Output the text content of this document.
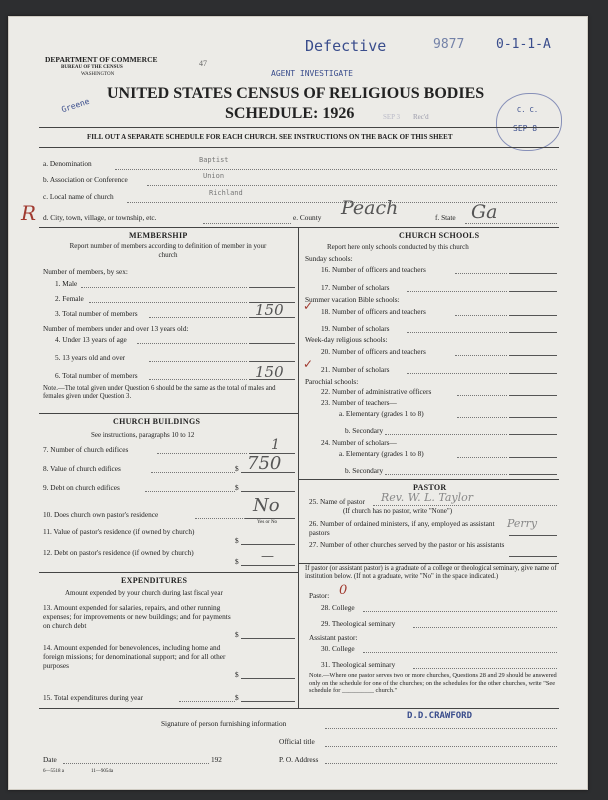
DEPARTMENT OF COMMERCE
BUREAU OF THE CENSUS
WASHINGTON
47
Defective	9877 0-1-1-A
AGENT INVESTIGATE
Greene
UNITED STATES CENSUS OF RELIGIOUS BODIES
SCHEDULE: 1926	SEP 3 Rec'd
C. C.
SEP 8
FILL OUT A SEPARATE SCHEDULE FOR EACH CHURCH. SEE INSTRUCTIONS ON THE BACK OF THIS SHEET
a. Denomination	Baptist
b. Association or Conference	Union
c. Local name of church	Richland
R d. City, town, village, or township, etc.	e. County Peach	f. State Ga
MEMBERSHIP
Report number of members according to definition of member in your church
Number of members, by sex:
1. Male
2. Female
3. Total number of members	150
Number of members under and over 13 years old:
4. Under 13 years of age
5. 13 years old and over
6. Total number of members	150
Note.—The total given under Question 6 should be the same as the total of males and females given under Question 3.
CHURCH BUILDINGS
See instructions, paragraphs 10 to 12
7. Number of church edifices	1
8. Value of church edifices	$ 750
9. Debt on church edifices	$
10. Does church own pastor's residence	No
Yes or No
11. Value of pastor's residence (if owned by church)
$
12. Debt on pastor's residence (if owned by church)
$ —
EXPENDITURES
Amount expended by your church during last fiscal year
13. Amount expended for salaries, repairs, and other running expenses; for improvements or new buildings; and for payments on church debt
$
14. Amount expended for benevolences, including home and foreign missions; for denominational support; and for all other purposes
$
15. Total expenditures during year	$
CHURCH SCHOOLS
Report here only schools conducted by this church
Sunday schools:
16. Number of officers and teachers
17. Number of scholars
Summer vacation Bible schools:
18. Number of officers and teachers
19. Number of scholars
Week-day religious schools:
20. Number of officers and teachers
21. Number of scholars
Parochial schools:
22. Number of administrative officers
23. Number of teachers—
a. Elementary (grades 1 to 8)
b. Secondary
24. Number of scholars—
a. Elementary (grades 1 to 8)
b. Secondary
✓
✓
PASTOR
25. Name of pastor Rev. W. L. Taylor
(If church has no pastor, write "None")
26. Number of ordained ministers, if any, employed as assistant pastors
Perry
27. Number of other churches served by the pastor or his assistants
If pastor (or assistant pastor) is a graduate of a college or theological seminary, give name of institution below. (If not a graduate, write "No" in the space indicated.)
Pastor: 0
28. College
29. Theological seminary
Assistant pastor:
30. College
31. Theological seminary
Note.—Where one pastor serves two or more churches, Questions 28 and 29 should be answered only on the schedule for one of the churches; on the schedules for the other churches, write "See schedule for __________ church."
Signature of person furnishing information
D.D.CRAWFORD
Official title
Date	192	P. O. Address
6—5518 a	11—9054a
